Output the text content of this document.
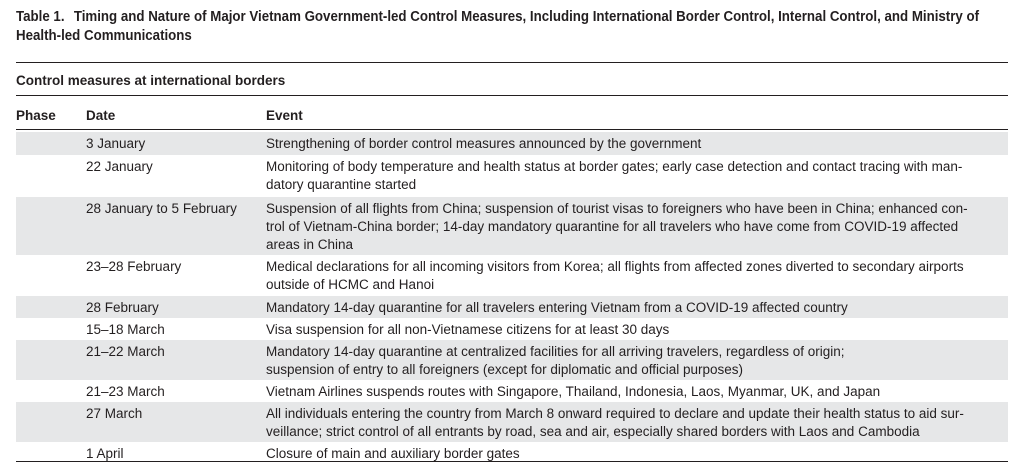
Table 1. Timing and Nature of Major Vietnam Government-led Control Measures, Including International Border Control, Internal Control, and Ministry of
Health-led Communications
Control measures at international borders
Phase Date	Event
3 January	Strengthening of border control measures announced by the government
22 January	Monitoring of body temperature and health status at border gates; early case detection and contact tracing with man-
datory quarantine started
28 January to 5 February Suspension of all flights from China; suspension of tourist visas to foreigners who have been in China; enhanced con-
trol of Vietnam-China border; 14-day mandatory quarantine for all travelers who have come from COVID-19 affected
areas in China
23–28 February	Medical declarations for all incoming visitors from Korea; all flights from affected zones diverted to secondary airports
outside of HCMC and Hanoi
28 February	Mandatory 14-day quarantine for all travelers entering Vietnam from a COVID-19 affected country
15–18 March	Visa suspension for all non-Vietnamese citizens for at least 30 days
21–22 March	Mandatory 14-day quarantine at centralized facilities for all arriving travelers, regardless of origin;
suspension of entry to all foreigners (except for diplomatic and official purposes)
21–23 March	Vietnam Airlines suspends routes with Singapore, Thailand, Indonesia, Laos, Myanmar, UK, and Japan
27 March	All individuals entering the country from March 8 onward required to declare and update their health status to aid sur-
veillance; strict control of all entrants by road, sea and air, especially shared borders with Laos and Cambodia
1 April	Closure of main and auxiliary border gates
